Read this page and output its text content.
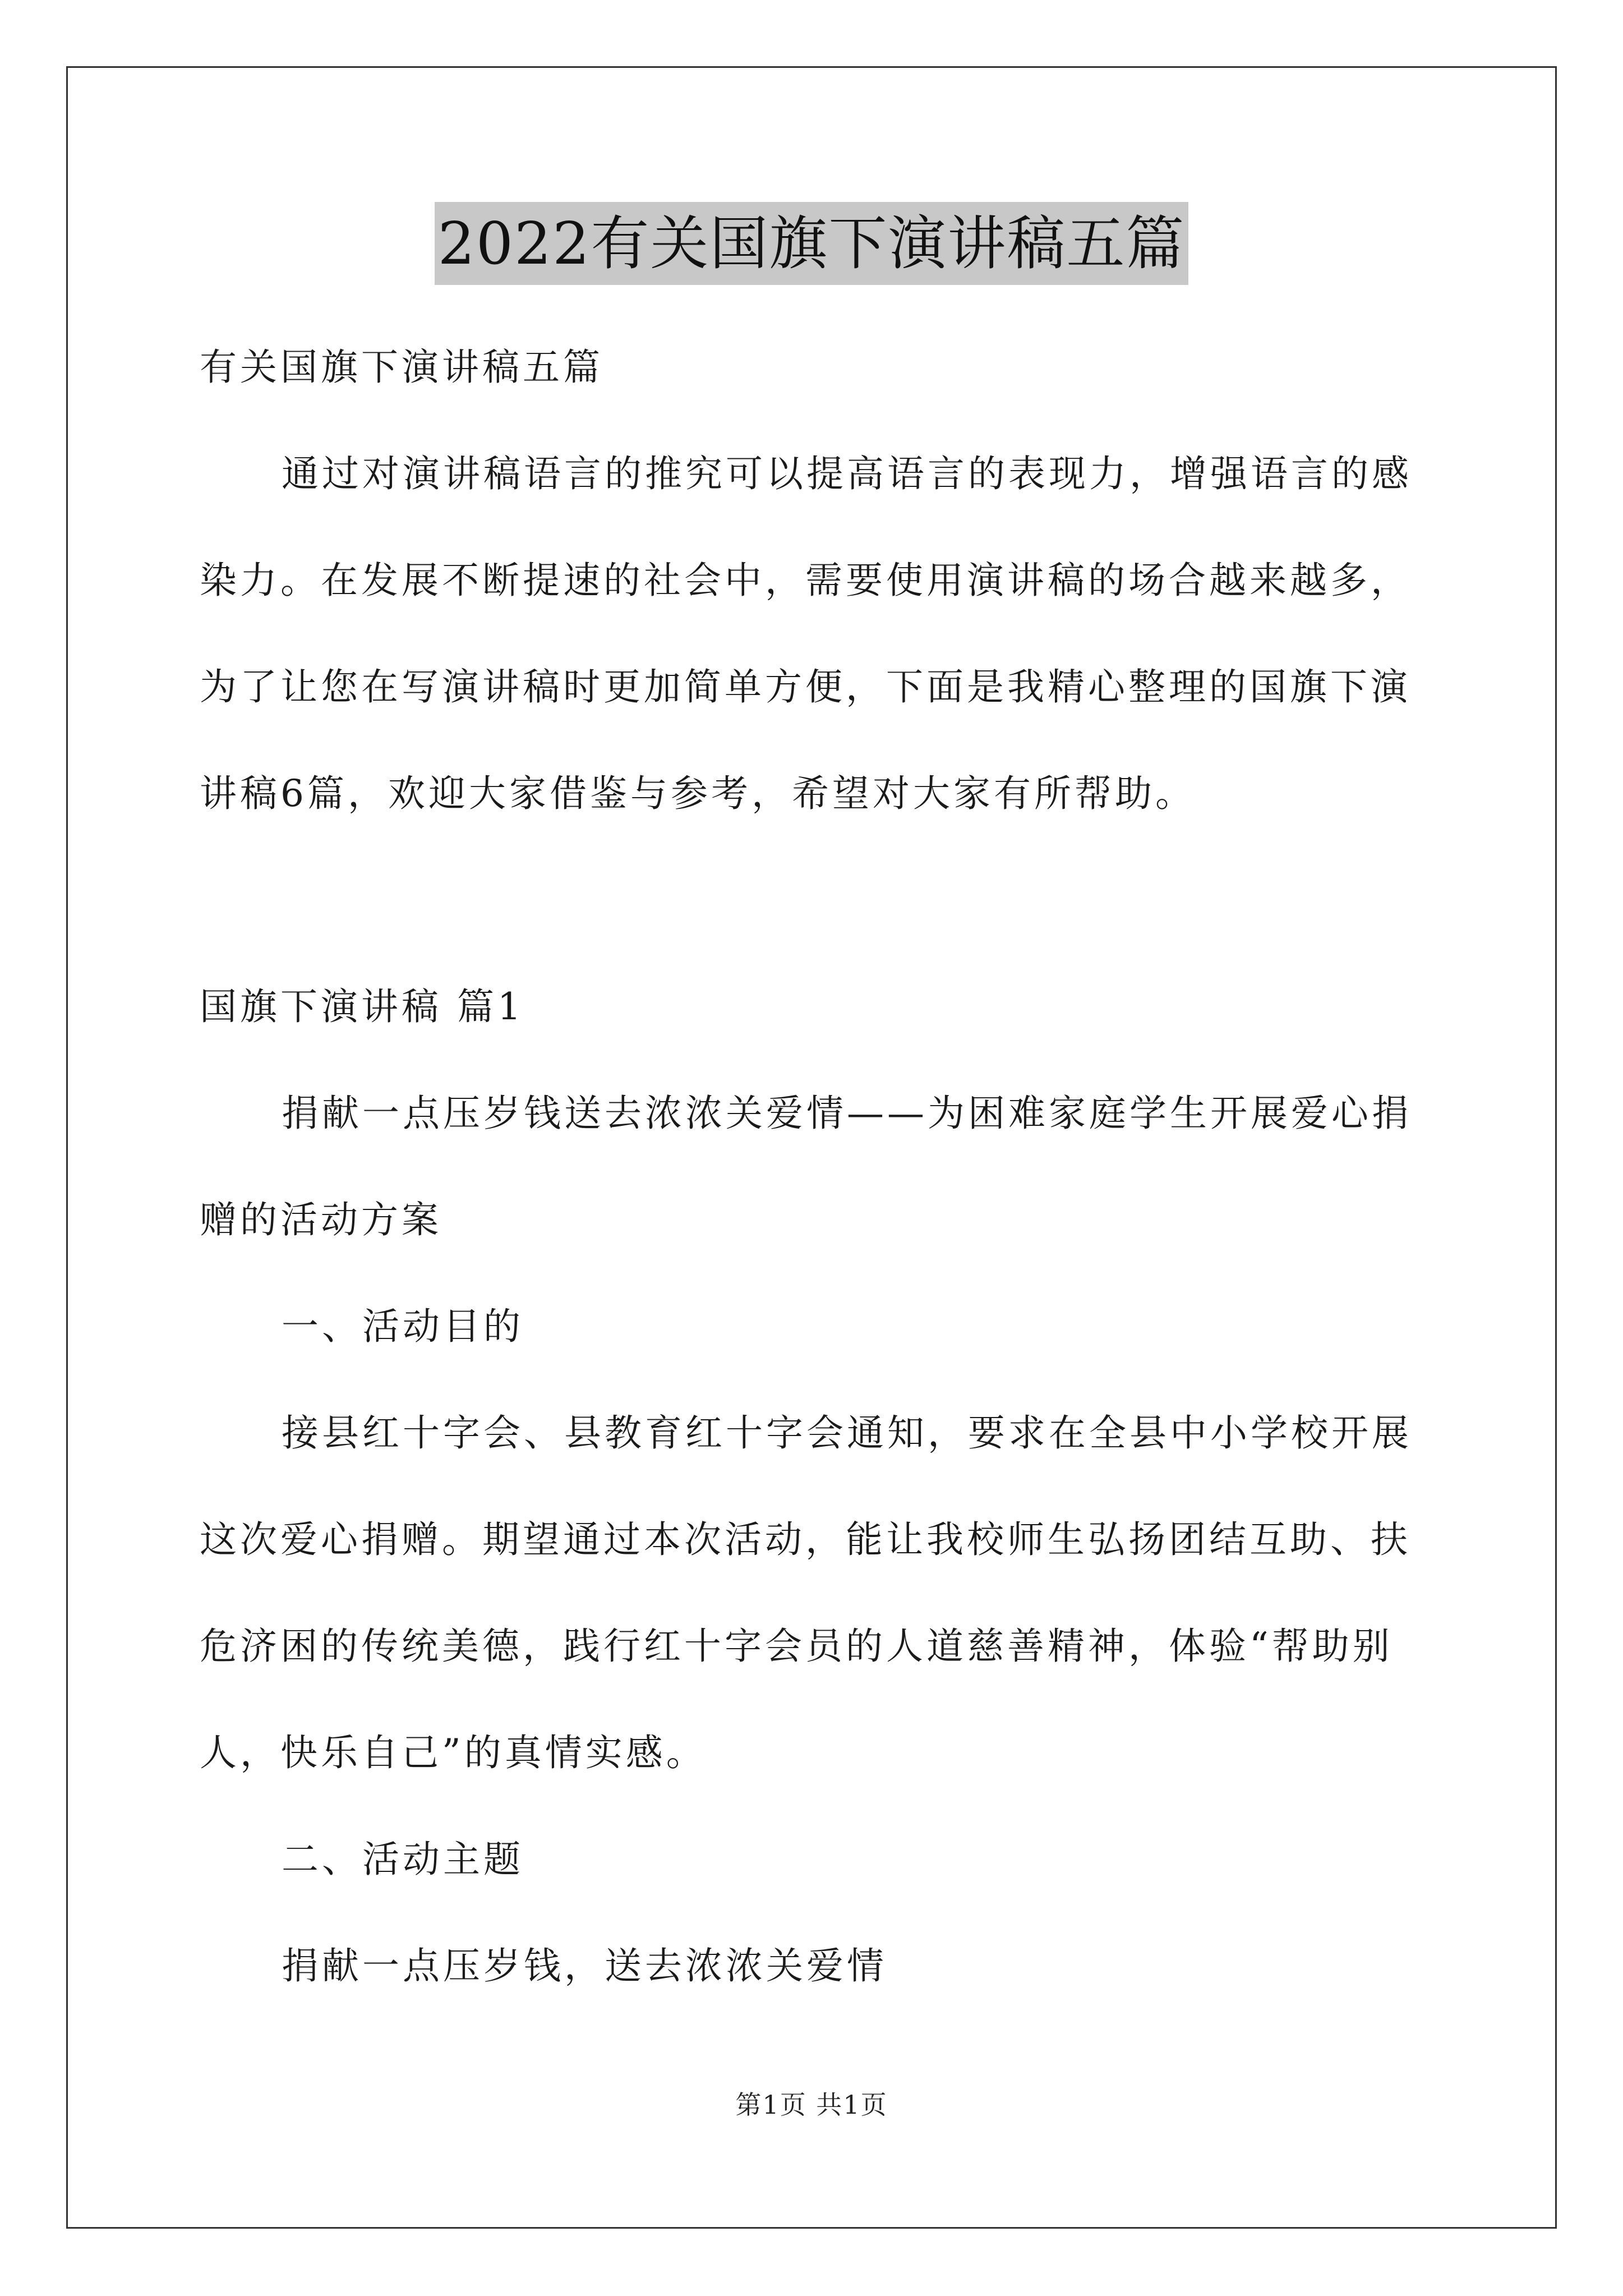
2022有关国旗下演讲稿五篇

有关国旗下演讲稿五篇

通过对演讲稿语言的推究可以提高语言的表现力，增强语言的感染力。在发展不断提速的社会中，需要使用演讲稿的场合越来越多，为了让您在写演讲稿时更加简单方便，下面是我精心整理的国旗下演讲稿6篇，欢迎大家借鉴与参考，希望对大家有所帮助。

国旗下演讲稿 篇1

捐献一点压岁钱送去浓浓关爱情——为困难家庭学生开展爱心捐赠的活动方案

一、活动目的

接县红十字会、县教育红十字会通知，要求在全县中小学校开展这次爱心捐赠。期望通过本次活动，能让我校师生弘扬团结互助、扶危济困的传统美德，践行红十字会员的人道慈善精神，体验“帮助别人，快乐自己”的真情实感。

二、活动主题

捐献一点压岁钱，送去浓浓关爱情

第1页 共1页
